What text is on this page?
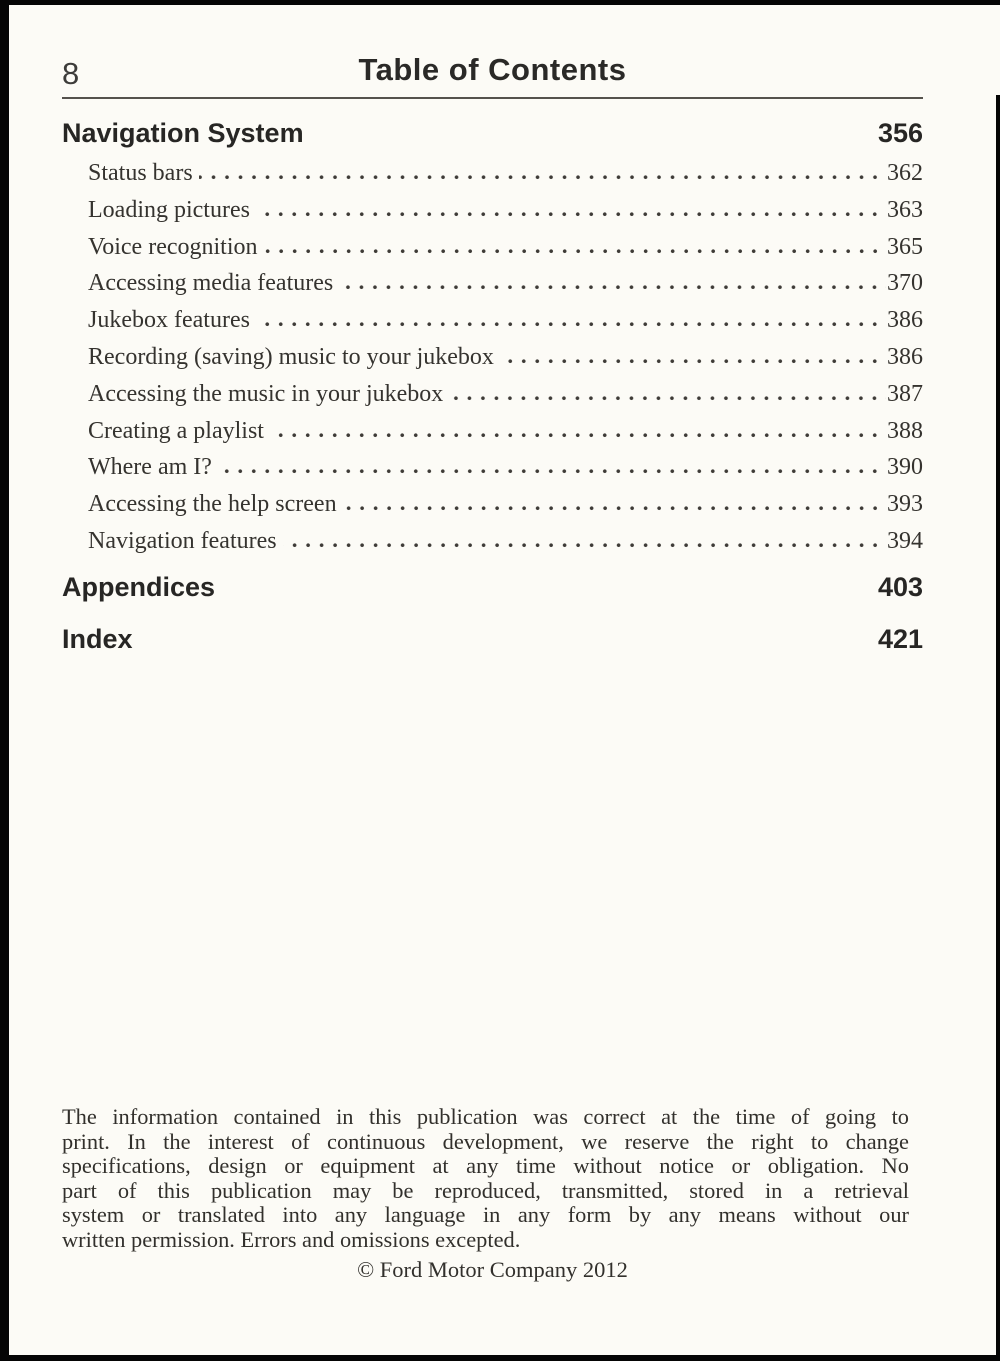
8	Table of Contents
Navigation System	356
Status bars	362
Loading pictures	363
Voice recognition	365
Accessing media features	370
Jukebox features	386
Recording (saving) music to your jukebox	386
Accessing the music in your jukebox	387
Creating a playlist	388
Where am I?	390
Accessing the help screen	393
Navigation features	394
Appendices	403
Index	421
The information contained in this publication was correct at the time of going to
print. In the interest of continuous development, we reserve the right to change
specifications, design or equipment at any time without notice or obligation. No
part of this publication may be reproduced, transmitted, stored in a retrieval
system or translated into any language in any form by any means without our
written permission. Errors and omissions excepted.
© Ford Motor Company 2012
